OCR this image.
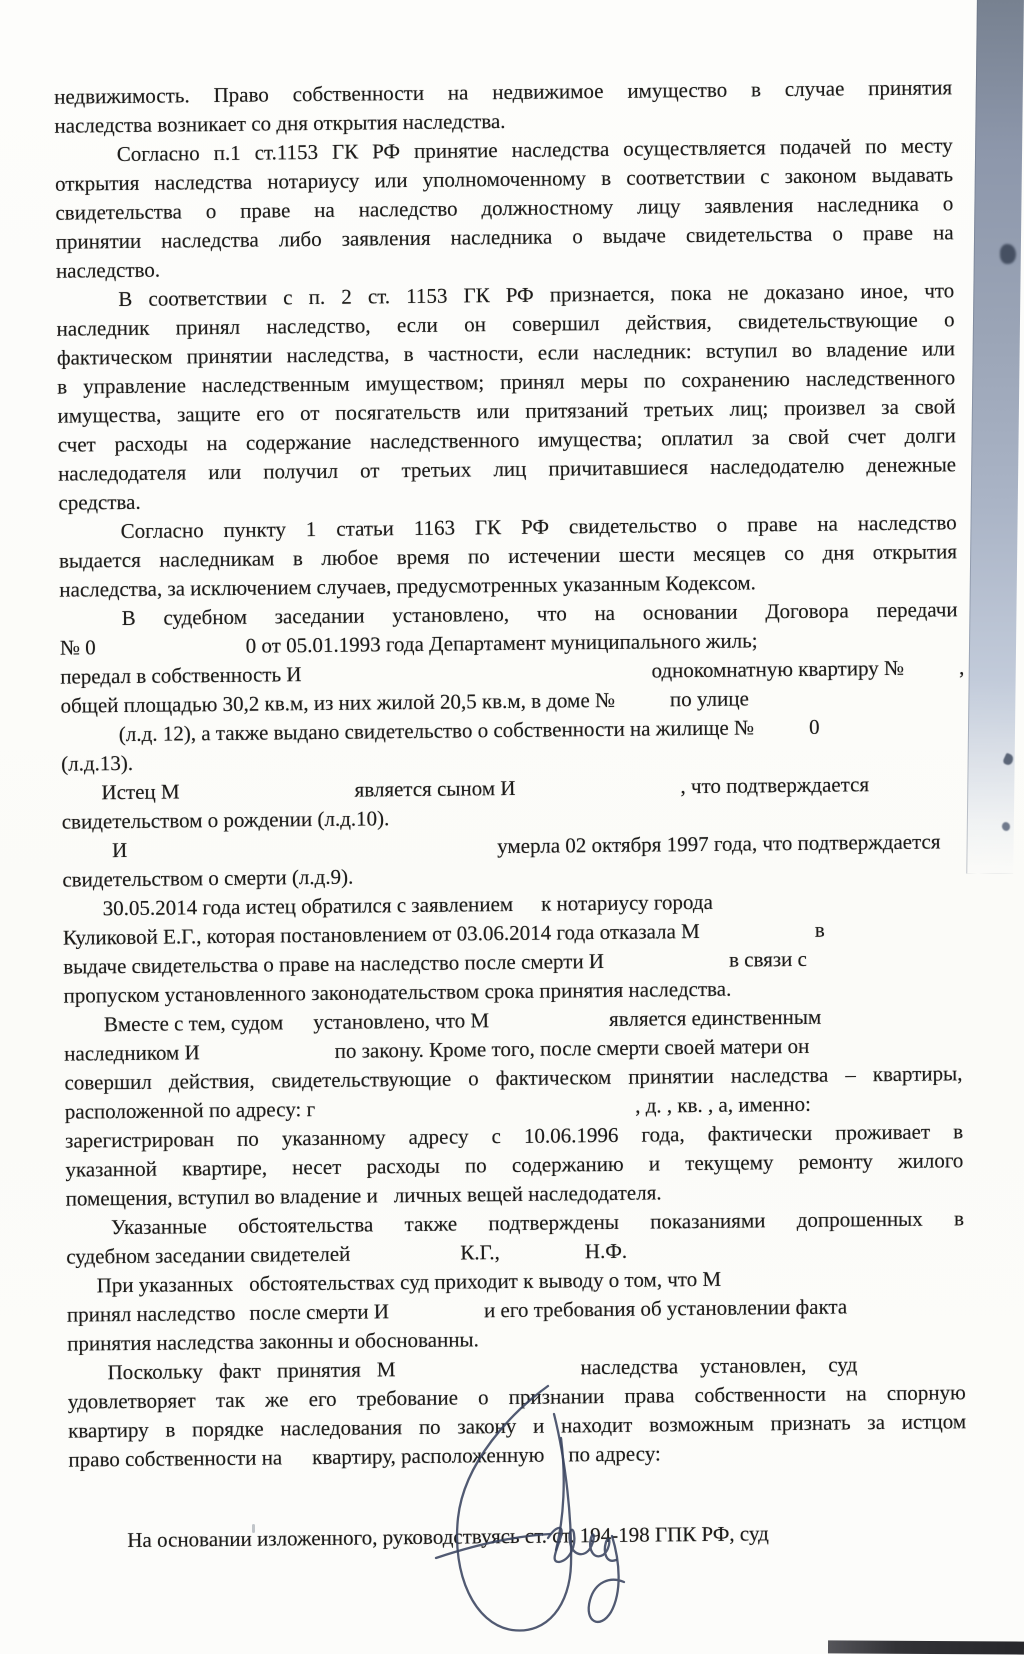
недвижимость. Право собственности на недвижимое имущество в случае принятия
наследства возникает со дня открытия наследства.
Согласно п.1 ст.1153 ГК РФ принятие наследства осуществляется подачей по месту
открытия наследства нотариусу или уполномоченному в соответствии с законом выдавать
свидетельства о праве на наследство должностному лицу заявления наследника о
принятии наследства либо заявления наследника о выдаче свидетельства о праве на
наследство.
В соответствии с п. 2 ст. 1153 ГК РФ признается, пока не доказано иное, что
наследник принял наследство, если он совершил действия, свидетельствующие о
фактическом принятии наследства, в частности, если наследник: вступил во владение или
в управление наследственным имуществом; принял меры по сохранению наследственного
имущества, защите его от посягательств или притязаний третьих лиц; произвел за свой
счет расходы на содержание наследственного имущества; оплатил за свой счет долги
наследодателя или получил от третьих лиц причитавшиеся наследодателю денежные
средства.
Согласно пункту 1 статьи 1163 ГК РФ свидетельство о праве на наследство
выдается наследникам в любое время по истечении шести месяцев со дня открытия
наследства, за исключением случаев, предусмотренных указанным Кодексом.
В судебном заседании установлено, что на основании Договора передачи
№ 0	0 от 05.01.1993 года Департамент муниципального жиль;
передал в собственность И	однокомнатную квартиру №	,
общей площадью 30,2 кв.м, из них жилой 20,5 кв.м, в доме №	по улице
(л.д. 12), а также выдано свидетельство о собственности на жилище №	0
(л.д.13).
Истец М	является сыном И	, что подтверждается
свидетельством о рождении (л.д.10).
И	умерла 02 октября 1997 года, что подтверждается
свидетельством о смерти (л.д.9).
30.05.2014 года истец обратился с заявлением к нотариусу города
Куликовой Е.Г., которая постановлением от 03.06.2014 года отказала М	в
выдаче свидетельства о праве на наследство после смерти И	в связи с
пропуском установленного законодательством срока принятия наследства.
Вместе с тем, судом установлено, что М	является единственным
наследником И	по закону. Кроме того, после смерти своей матери он
совершил действия, свидетельствующие о фактическом принятии наследства – квартиры,
расположенной по адресу: г	, д. , кв. , а, именно:
зарегистрирован по указанному адресу с 10.06.1996 года, фактически проживает в
указанной квартире, несет расходы по содержанию и текущему ремонту жилого
помещения, вступил во владение и личных вещей наследодателя.
Указанные обстоятельства также подтверждены показаниями допрошенных в
судебном заседании свидетелей	К.Г.,	Н.Ф.
При указанных обстоятельствах суд приходит к выводу о том, что М
принял наследство после смерти И	и его требования об установлении факта
принятия наследства законны и обоснованны.
Поскольку факт принятия М	наследства установлен, суд
удовлетворяет так же его требование о признании права собственности на спорную
квартиру в порядке наследования по закону и находит возможным признать за истцом
право собственности на квартиру, расположенную по адресу:
На основании изложенного, руководствуясь ст. ст. 194-198 ГПК РФ, суд
